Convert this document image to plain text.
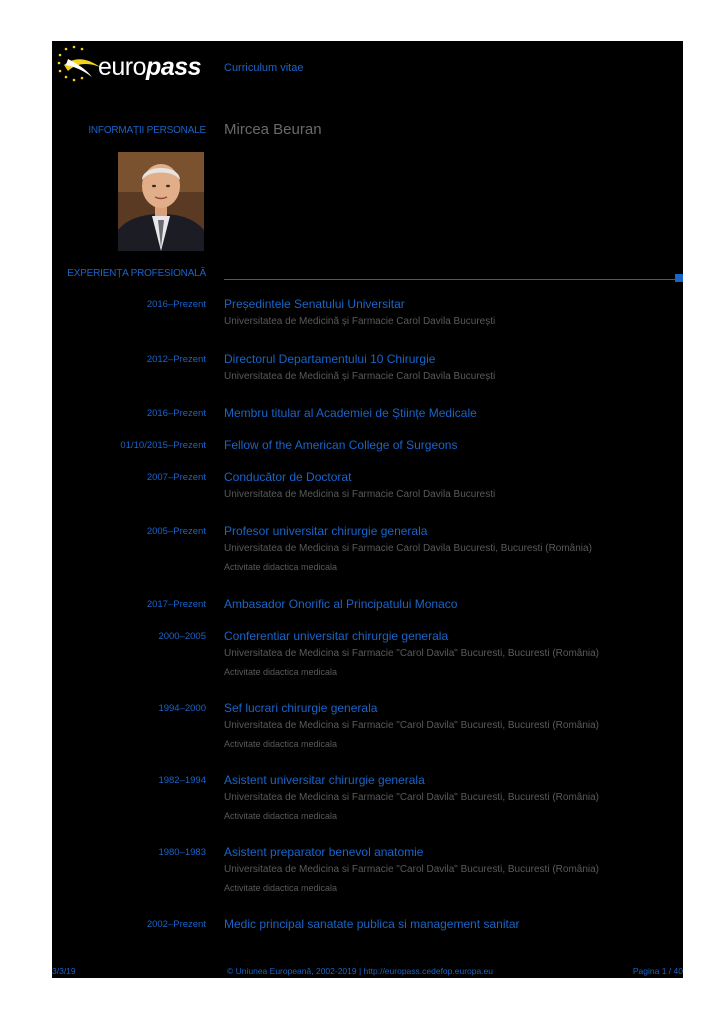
europass Curriculum vitae
INFORMAȚII PERSONALE Mircea Beuran
EXPERIENȚA PROFESIONALĂ
2016–Prezent Președintele Senatului Universitar
Universitatea de Medicină și Farmacie Carol Davila București
2012–Prezent Directorul Departamentului 10 Chirurgie
Universitatea de Medicină și Farmacie Carol Davila București
2016–Prezent Membru titular al Academiei de Științe Medicale
01/10/2015–Prezent Fellow of the American College of Surgeons
2007–Prezent Conducător de Doctorat
Universitatea de Medicina si Farmacie Carol Davila Bucuresti
2005–Prezent Profesor universitar chirurgie generala
Universitatea de Medicina si Farmacie Carol Davila Bucuresti, Bucuresti (România)
Activitate didactica medicala
2017–Prezent Ambasador Onorific al Principatului Monaco
2000–2005 Conferentiar universitar chirurgie generala
Universitatea de Medicina si Farmacie "Carol Davila" Bucuresti, Bucuresti (România)
Activitate didactica medicala
1994–2000 Sef lucrari chirurgie generala
Universitatea de Medicina si Farmacie "Carol Davila" Bucuresti, Bucuresti (România)
Activitate didactica medicala
1982–1994 Asistent universitar chirurgie generala
Universitatea de Medicina si Farmacie "Carol Davila" Bucuresti, Bucuresti (România)
Activitate didactica medicala
1980–1983 Asistent preparator benevol anatomie
Universitatea de Medicina si Farmacie "Carol Davila" Bucuresti, Bucuresti (România)
Activitate didactica medicala
2002–Prezent Medic principal sanatate publica si management sanitar
3/3/19	© Uniunea Europeană, 2002-2019 | http://europass.cedefop.europa.eu	Pagina 1 / 40
